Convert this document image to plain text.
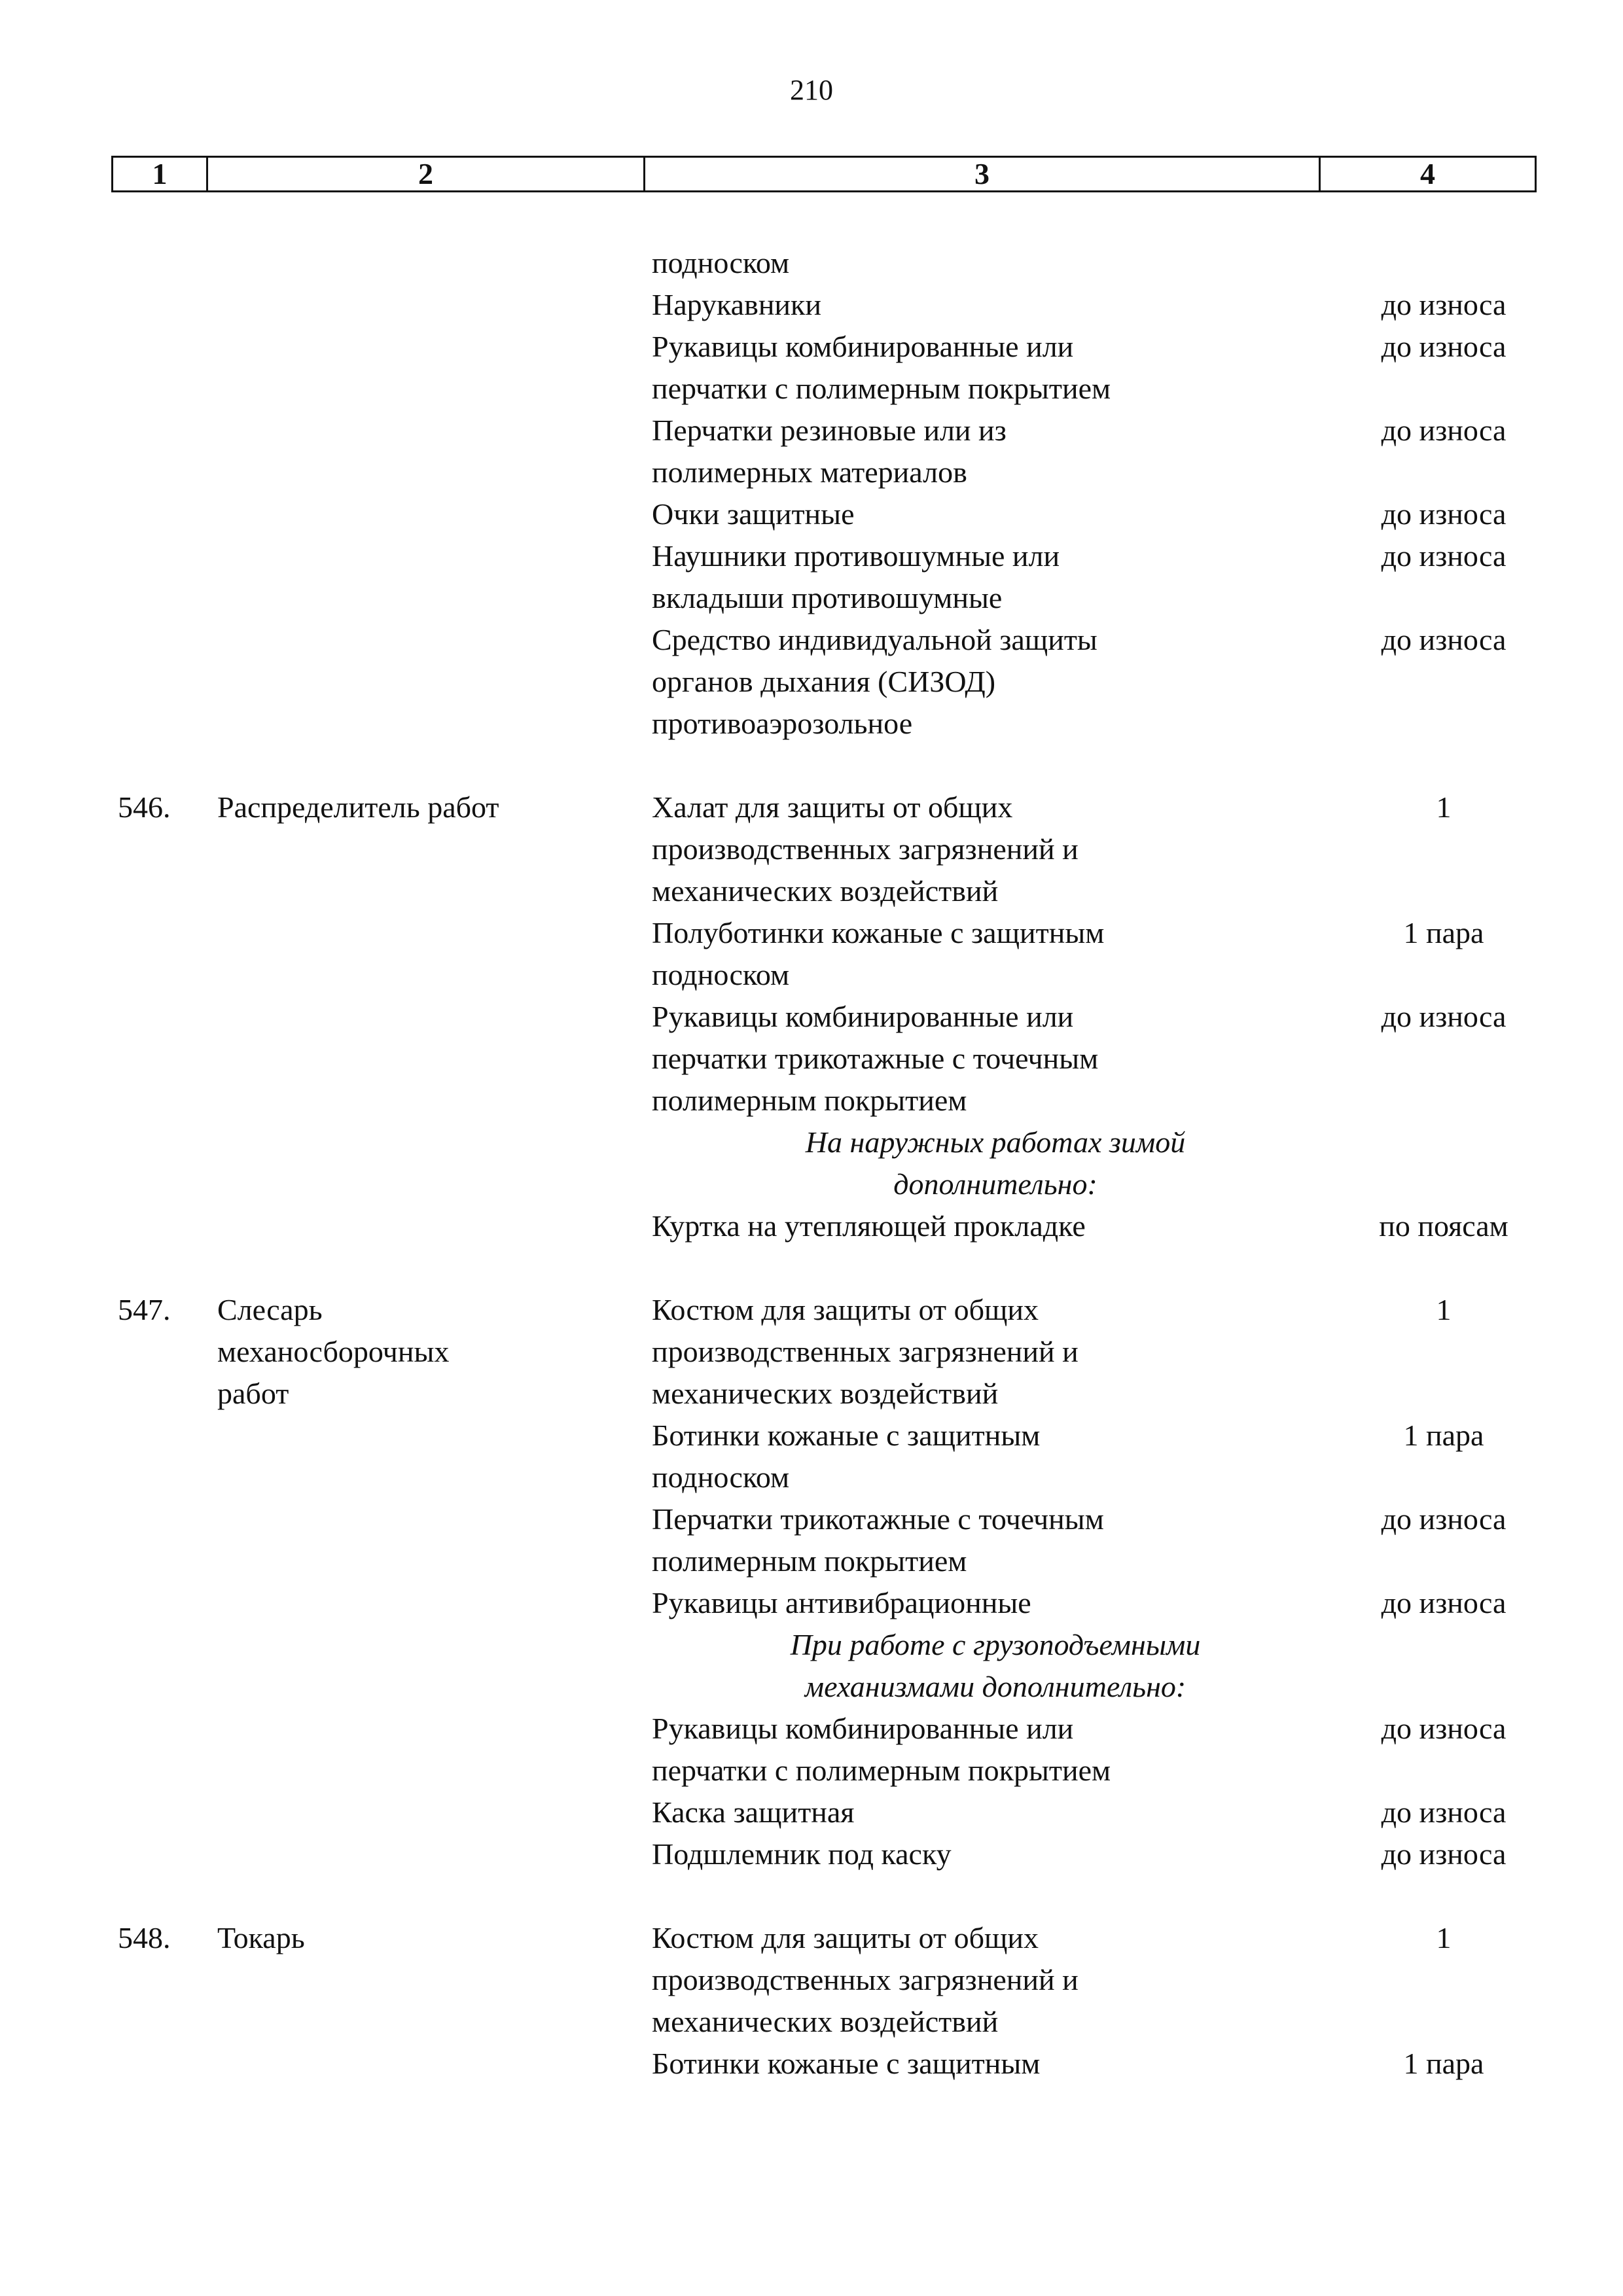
210
1	2	3	4
подноском
Нарукавники	до износа
Рукавицы комбинированные или	до износа
перчатки с полимерным покрытием
Перчатки резиновые или из	до износа
полимерных материалов
Очки защитные	до износа
Наушники противошумные или	до износа
вкладыши противошумные
Средство индивидуальной защиты	до износа
органов дыхания (СИЗОД)
противоаэрозольное
546.	Распределитель работ	Халат для защиты от общих	1
производственных загрязнений и
механических воздействий
Полуботинки кожаные с защитным	1 пара
подноском
Рукавицы комбинированные или	до износа
перчатки трикотажные с точечным
полимерным покрытием
На наружных работах зимой
дополнительно:
Куртка на утепляющей прокладке	по поясам
547.	Слесарь	Костюм для защиты от общих	1
механосборочных	производственных загрязнений и
работ	механических воздействий
Ботинки кожаные с защитным	1 пара
подноском
Перчатки трикотажные с точечным	до износа
полимерным покрытием
Рукавицы антивибрационные	до износа
При работе с грузоподъемными
механизмами дополнительно:
Рукавицы комбинированные или	до износа
перчатки с полимерным покрытием
Каска защитная	до износа
Подшлемник под каску	до износа
548.	Токарь	Костюм для защиты от общих	1
производственных загрязнений и
механических воздействий
Ботинки кожаные с защитным	1 пара
